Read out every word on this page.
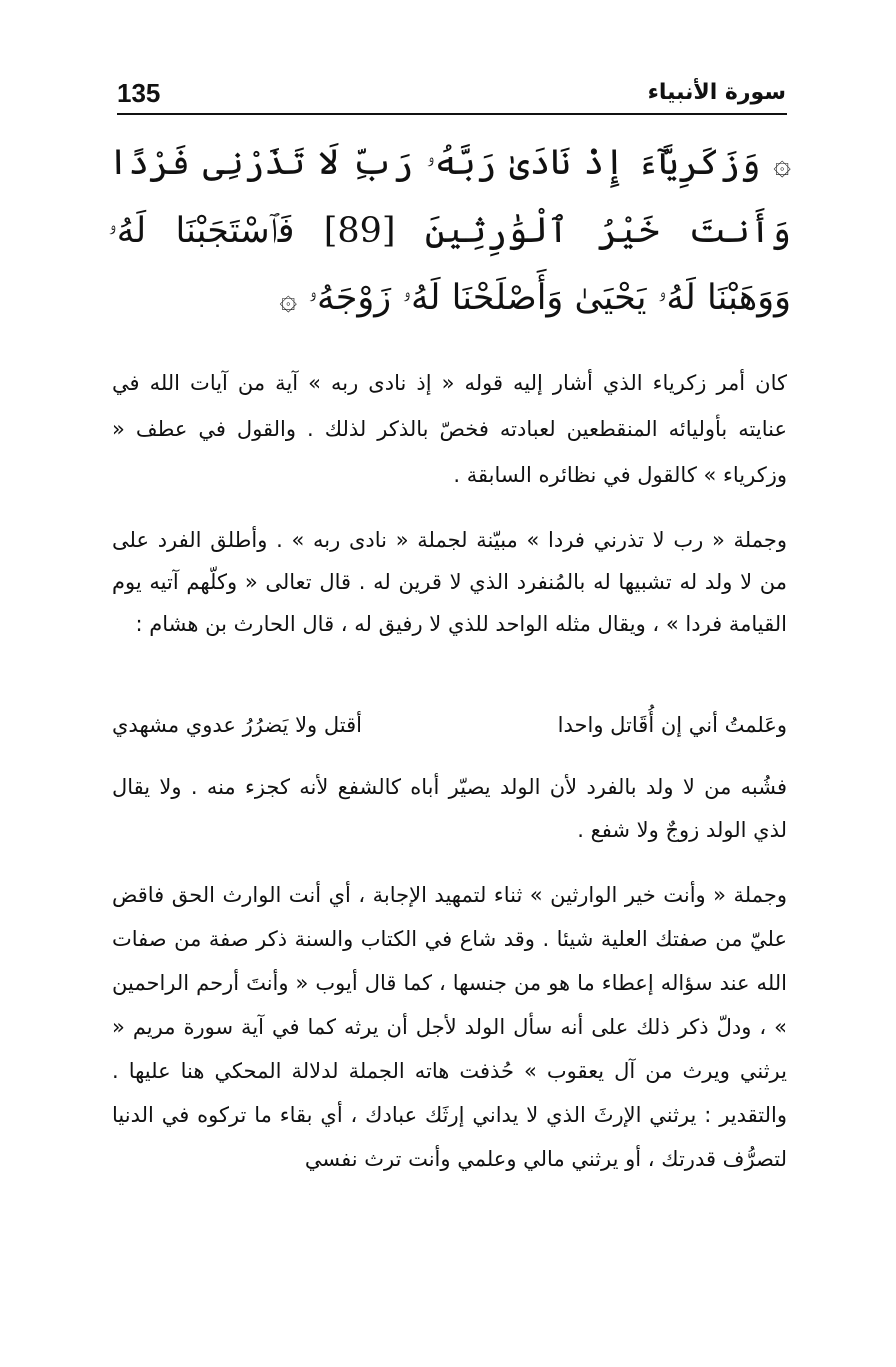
135	سورة الأنبياء
۞ وَزَكَرِيَّآءَ إِذْ نَادَىٰ رَبَّهُۥ رَبِّ لَا تَذَرْنِى فَرْدًا وَأَنتَ خَيْرُ ٱلْوَٰرِثِينَ [89] فَٱسْتَجَبْنَا لَهُۥ وَوَهَبْنَا لَهُۥ يَحْيَىٰ وَأَصْلَحْنَا لَهُۥ زَوْجَهُۥ ۞

كان أمر زكرياء الذي أشار إليه قوله « إذ نادى ربه » آية من آيات الله في عنايته بأوليائه المنقطعين لعبادته فخصّ بالذكر لذلك . والقول في عطف « وزكرياء » كالقول في نظائره السابقة .

وجملة « رب لا تذرني فردا » مبيّنة لجملة « نادى ربه » . وأطلق الفرد على من لا ولد له تشبيها له بالمُنفرد الذي لا قرين له . قال تعالى « وكلّهم آتيه يوم القيامة فردا » ، ويقال مثله الواحد للذي لا رفيق له ، قال الحارث بن هشام :

وعَلمتُ أني إن أُقَاتل واحدا
أقتل ولا يَضرُرُ عدوي مشهدي

فشُبه من لا ولد بالفرد لأن الولد يصيّر أباه كالشفع لأنه كجزء منه . ولا يقال لذي الولد زوجٌ ولا شفع .

وجملة « وأنت خير الوارثين » ثناء لتمهيد الإجابة ، أي أنت الوارث الحق فاقض عليّ من صفتك العلية شيئا . وقد شاع في الكتاب والسنة ذكر صفة من صفات الله عند سؤاله إعطاء ما هو من جنسها ، كما قال أيوب « وأنتَ أرحم الراحمين » ، ودلّ ذكر ذلك على أنه سأل الولد لأجل أن يرثه كما في آية سورة مريم « يرثني ويرث من آل يعقوب » حُذفت هاته الجملة لدلالة المحكي هنا عليها . والتقدير : يرثني الإرثَ الذي لا يداني إرثَك عبادك ، أي بقاء ما تركوه في الدنيا لتصرُّف قدرتك ، أو يرثني مالي وعلمي وأنت ترث نفسي
